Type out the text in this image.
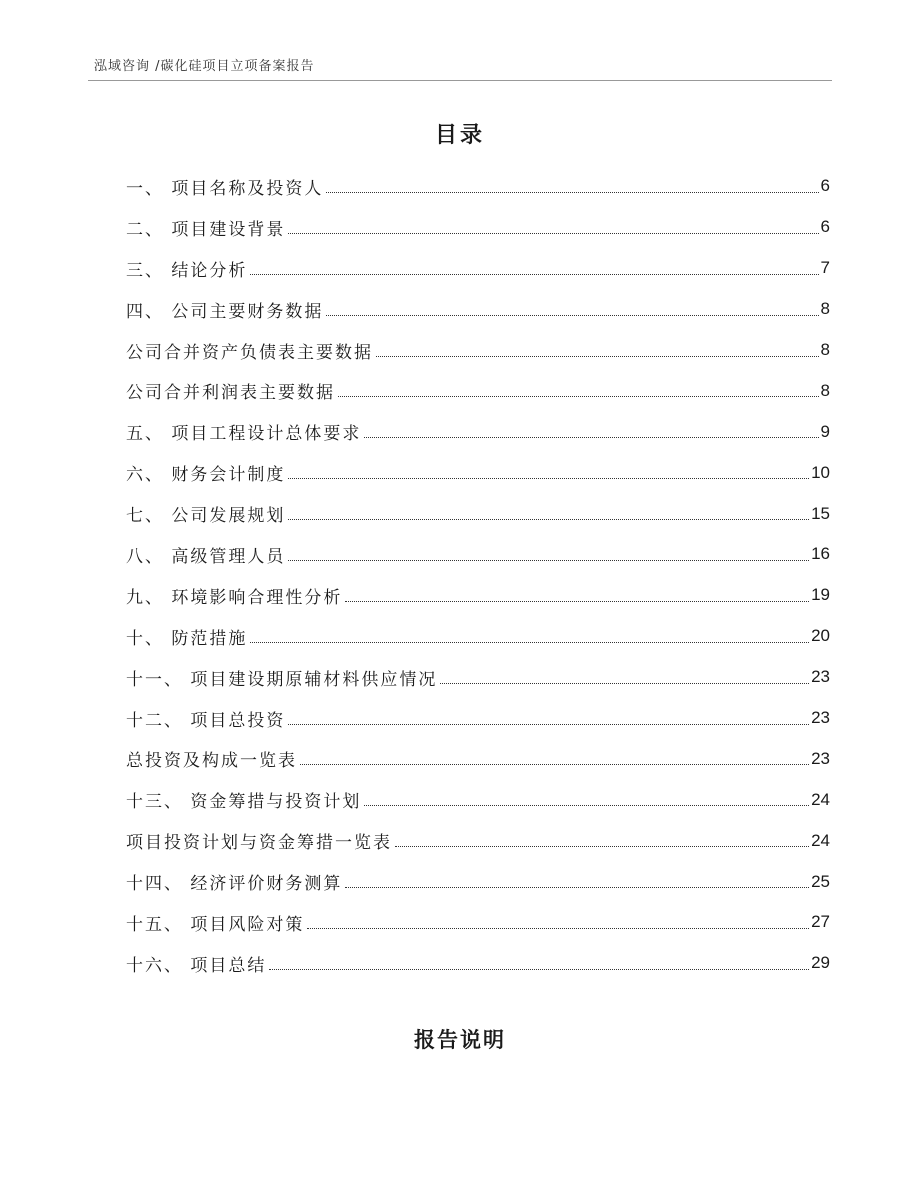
泓域咨询 /碳化硅项目立项备案报告
目录
一、 项目名称及投资人	6
二、 项目建设背景	6
三、 结论分析	7
四、 公司主要财务数据	8
公司合并资产负债表主要数据	8
公司合并利润表主要数据	8
五、 项目工程设计总体要求	9
六、 财务会计制度	10
七、 公司发展规划	15
八、 高级管理人员	16
九、 环境影响合理性分析	19
十、 防范措施	20
十一、 项目建设期原辅材料供应情况	23
十二、 项目总投资	23
总投资及构成一览表	23
十三、 资金筹措与投资计划	24
项目投资计划与资金筹措一览表	24
十四、 经济评价财务测算	25
十五、 项目风险对策	27
十六、 项目总结	29
报告说明
